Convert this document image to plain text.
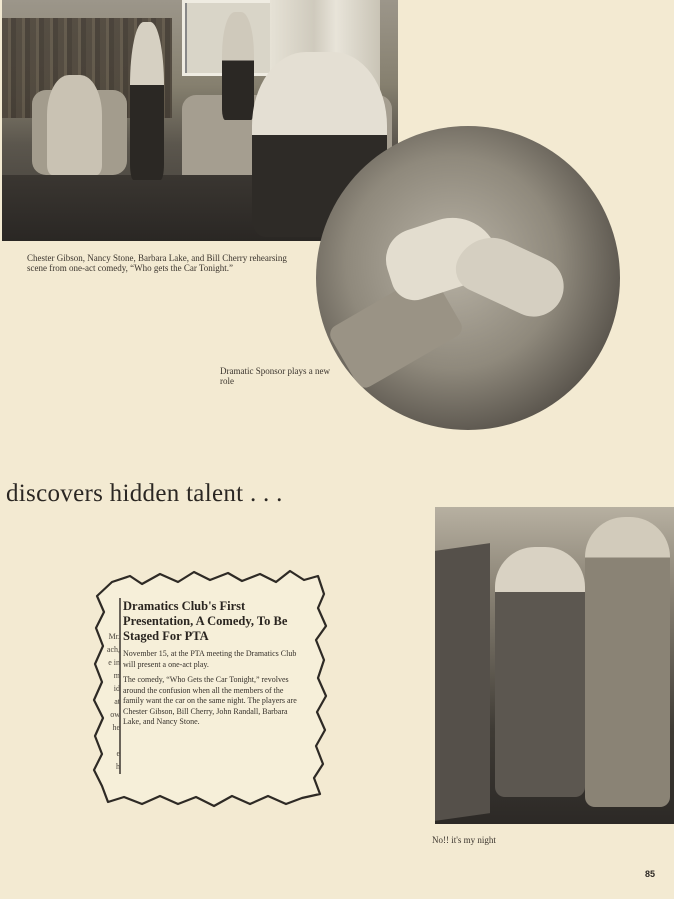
Chester Gibson, Nancy Stone, Barbara Lake, and Bill Cherry rehearsing scene from one-act comedy, “Who gets the Car Tonight.”
Dramatic Sponsor plays a new role
discovers hidden talent . . .
Mr.
ach,
e in
m
id
at
ow
he

e
h

Dramatics Club's First Presentation, A Comedy, To Be Staged For PTA

November 15, at the PTA meeting the Dramatics Club will present a one-act play.

The comedy, “Who Gets the Car Tonight,” revolves around the confusion when all the members of the family want the car on the same night. The players are Chester Gibson, Bill Cherry, John Randall, Barbara Lake, and Nancy Stone.

No!! it's my night
85
